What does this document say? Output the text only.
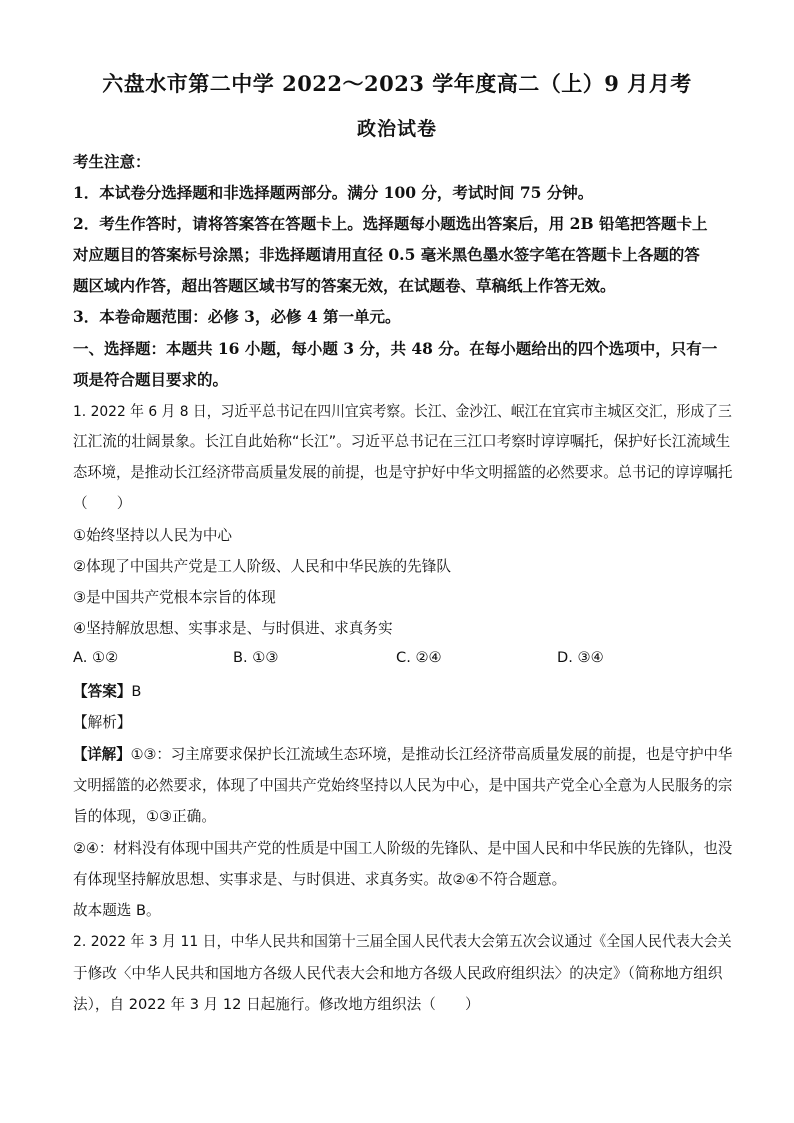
六盘水市第二中学 2022～2023 学年度高二（上）9 月月考
政治试卷
考生注意：
1．本试卷分选择题和非选择题两部分。满分 100 分，考试时间 75 分钟。
2．考生作答时，请将答案答在答题卡上。选择题每小题选出答案后，用 2B 铅笔把答题卡上
对应题目的答案标号涂黑；非选择题请用直径 0.5 毫米黑色墨水签字笔在答题卡上各题的答
题区域内作答，超出答题区域书写的答案无效，在试题卷、草稿纸上作答无效。
3．本卷命题范围：必修 3，必修 4 第一单元。
一、选择题：本题共 16 小题，每小题 3 分，共 48 分。在每小题给出的四个选项中，只有一
项是符合题目要求的。
1. 2022 年 6 月 8 日，习近平总书记在四川宜宾考察。长江、金沙江、岷江在宜宾市主城区交汇，形成了三
江汇流的壮阔景象。长江自此始称“长江”。习近平总书记在三江口考察时谆谆嘱托，保护好长江流域生
态环境，是推动长江经济带高质量发展的前提，也是守护好中华文明摇篮的必然要求。总书记的谆谆嘱托
（　　）
①始终坚持以人民为中心
②体现了中国共产党是工人阶级、人民和中华民族的先锋队
③是中国共产党根本宗旨的体现
④坚持解放思想、实事求是、与时俱进、求真务实
A. ①②	B. ①③	C. ②④	D. ③④
【答案】B
【解析】
【详解】①③：习主席要求保护长江流域生态环境，是推动长江经济带高质量发展的前提，也是守护中华
文明摇篮的必然要求，体现了中国共产党始终坚持以人民为中心，是中国共产党全心全意为人民服务的宗
旨的体现，①③正确。
②④：材料没有体现中国共产党的性质是中国工人阶级的先锋队、是中国人民和中华民族的先锋队，也没
有体现坚持解放思想、实事求是、与时俱进、求真务实。故②④不符合题意。
故本题选 B。
2. 2022 年 3 月 11 日，中华人民共和国第十三届全国人民代表大会第五次会议通过《全国人民代表大会关
于修改〈中华人民共和国地方各级人民代表大会和地方各级人民政府组织法〉的决定》（简称地方组织
法），自 2022 年 3 月 12 日起施行。修改地方组织法（　　）
